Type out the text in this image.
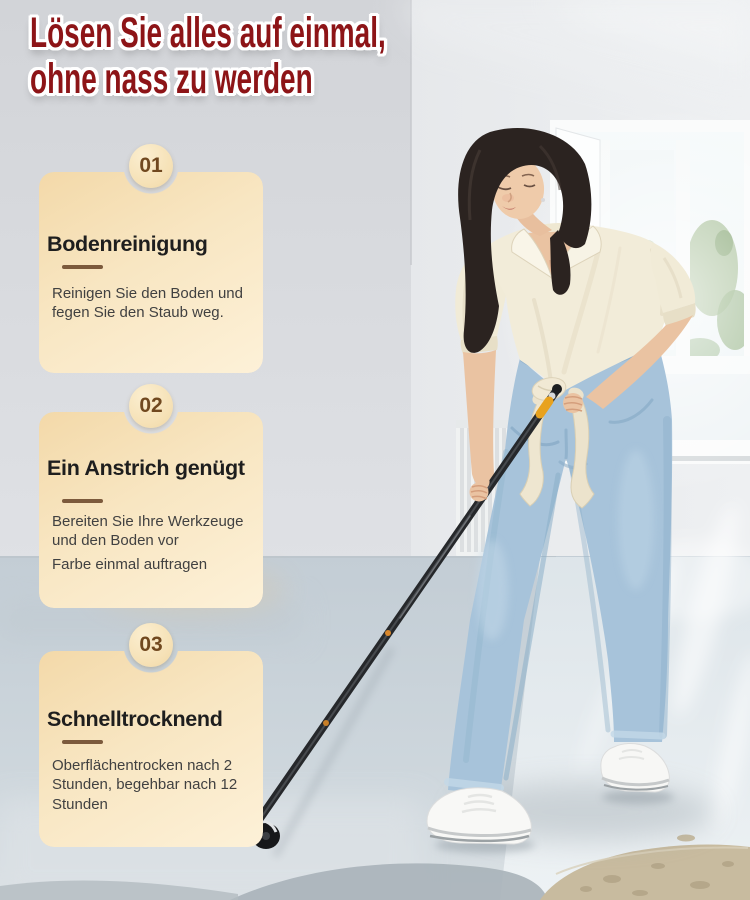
Lösen Sie alles auf einmal,
ohne nass zu werden
01
Bodenreinigung

Reinigen Sie den Boden und fegen Sie den Staub weg.

02
Ein Anstrich genügt

Bereiten Sie Ihre Werkzeuge und den Boden vor

Farbe einmal auftragen

03
Schnelltrocknend

Oberflächentrocken nach 2 Stunden, begehbar nach 12 Stunden
